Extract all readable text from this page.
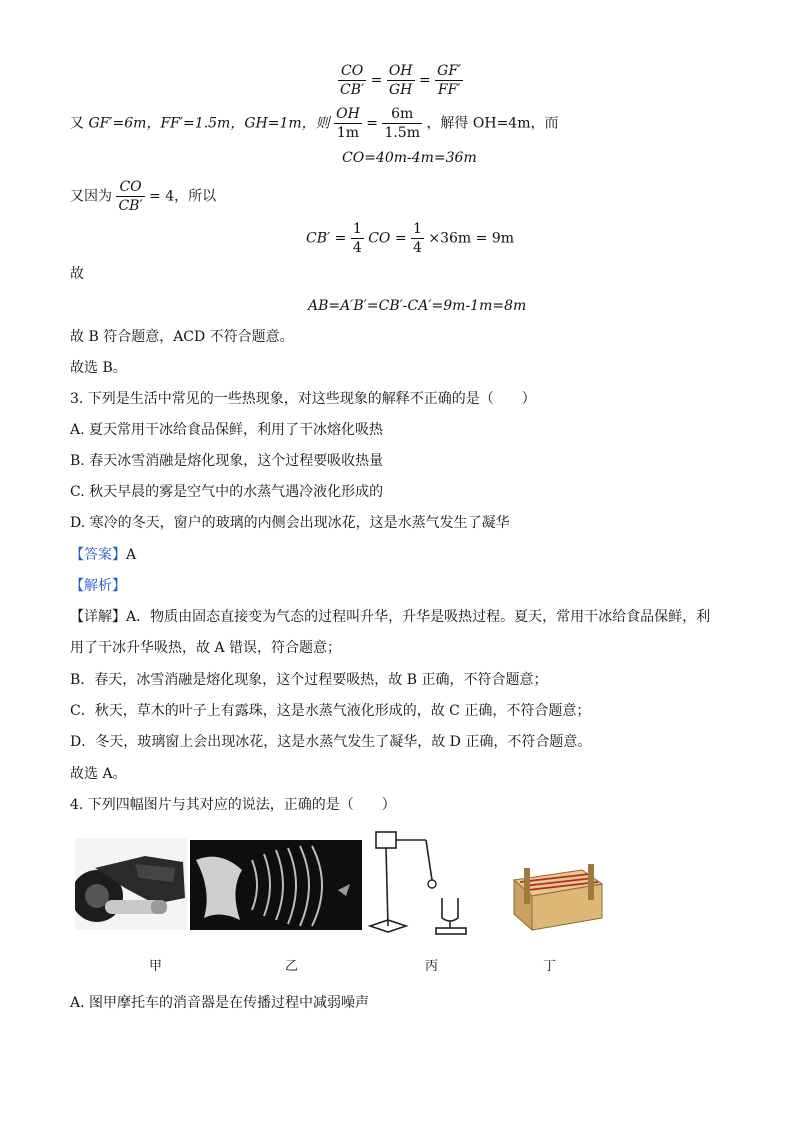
$\frac{CO}{CB'} = \frac{OH}{GH} = \frac{GF'}{FF'}$
又 GF′=6m，FF′=1.5m，GH=1m，则 $\frac{OH}{1m} = \frac{6m}{1.5m}$ ，解得 OH=4m，而
CO=40m-4m=36m
又因为 $\frac{CO}{CB'} = 4$，所以
$CB' = \frac{1}{4}$ CO = $\frac{1}{4} \times 36m = 9m$
故
AB=A′B′=CB′-CA′=9m-1m=8m
故 B 符合题意，ACD 不符合题意。
故选 B。
3. 下列是生活中常见的一些热现象，对这些现象的解释不正确的是（　　）
A. 夏天常用干冰给食品保鲜，利用了干冰熔化吸热
B. 春天冰雪消融是熔化现象，这个过程要吸收热量
C. 秋天早晨的雾是空气中的水蒸气遇冷液化形成的
D. 寒冷的冬天，窗户的玻璃的内侧会出现冰花，这是水蒸气发生了凝华
【答案】A
【解析】
【详解】A．物质由固态直接变为气态的过程叫升华，升华是吸热过程。夏天，常用干冰给食品保鲜，利
用了干冰升华吸热，故 A 错误，符合题意；
B．春天，冰雪消融是熔化现象，这个过程要吸热，故 B 正确，不符合题意；
C．秋天，草木的叶子上有露珠，这是水蒸气液化形成的，故 C 正确，不符合题意；
D．冬天，玻璃窗上会出现冰花，这是水蒸气发生了凝华，故 D 正确，不符合题意。
故选 A。
4. 下列四幅图片与其对应的说法，正确的是（　　）
甲	乙	丙	丁
A. 图甲摩托车的消音器是在传播过程中减弱噪声
